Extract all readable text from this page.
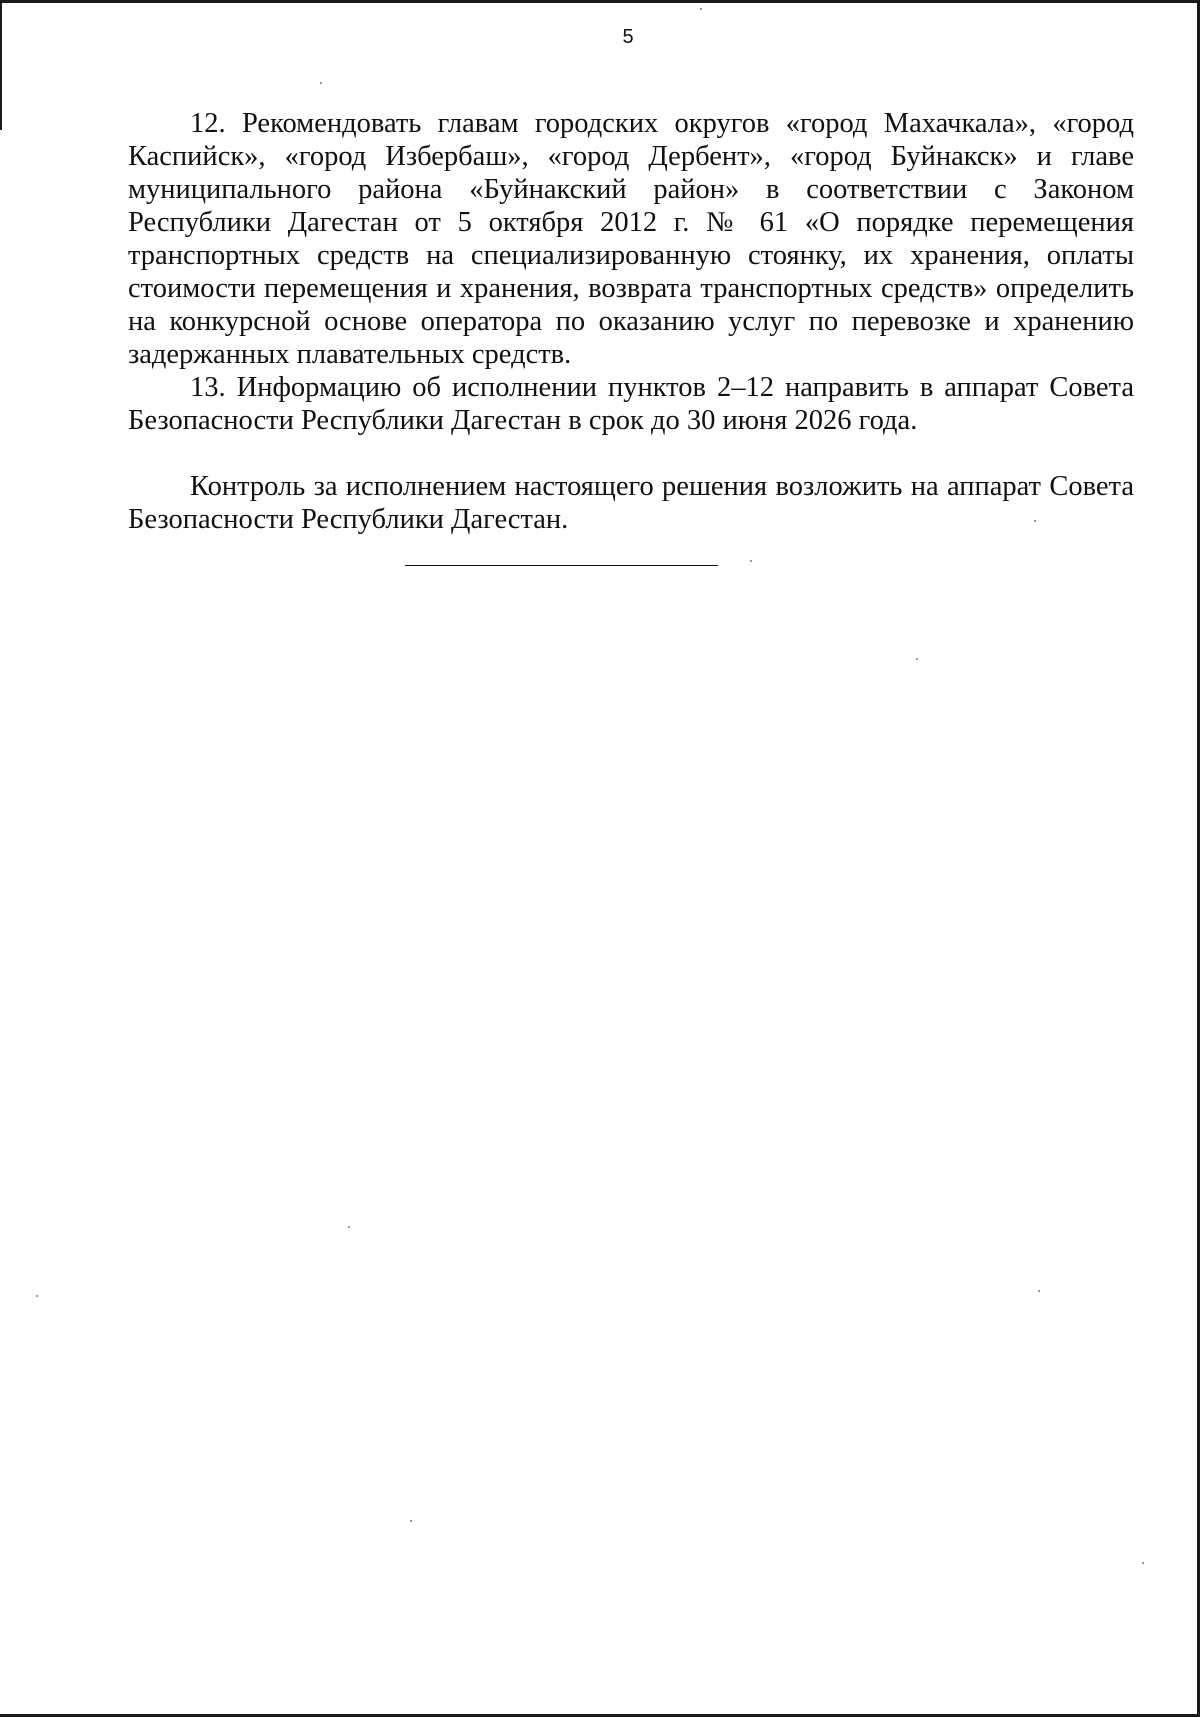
5

12. Рекомендовать главам городских округов «город Махачкала», «город Каспийск», «город Избербаш», «город Дербент», «город Буйнакск» и главе муниципального района «Буйнакский район» в соответствии с Законом Республики Дагестан от 5 октября 2012 г. № 61 «О порядке перемещения транспортных средств на специализированную стоянку, их хранения, оплаты стоимости перемещения и хранения, возврата транспортных средств» определить на конкурсной основе оператора по оказанию услуг по перевозке и хранению задержанных плавательных средств.

13. Информацию об исполнении пунктов 2–12 направить в аппарат Совета Безопасности Республики Дагестан в срок до 30 июня 2026 года.

Контроль за исполнением настоящего решения возложить на аппарат Совета Безопасности Республики Дагестан.
